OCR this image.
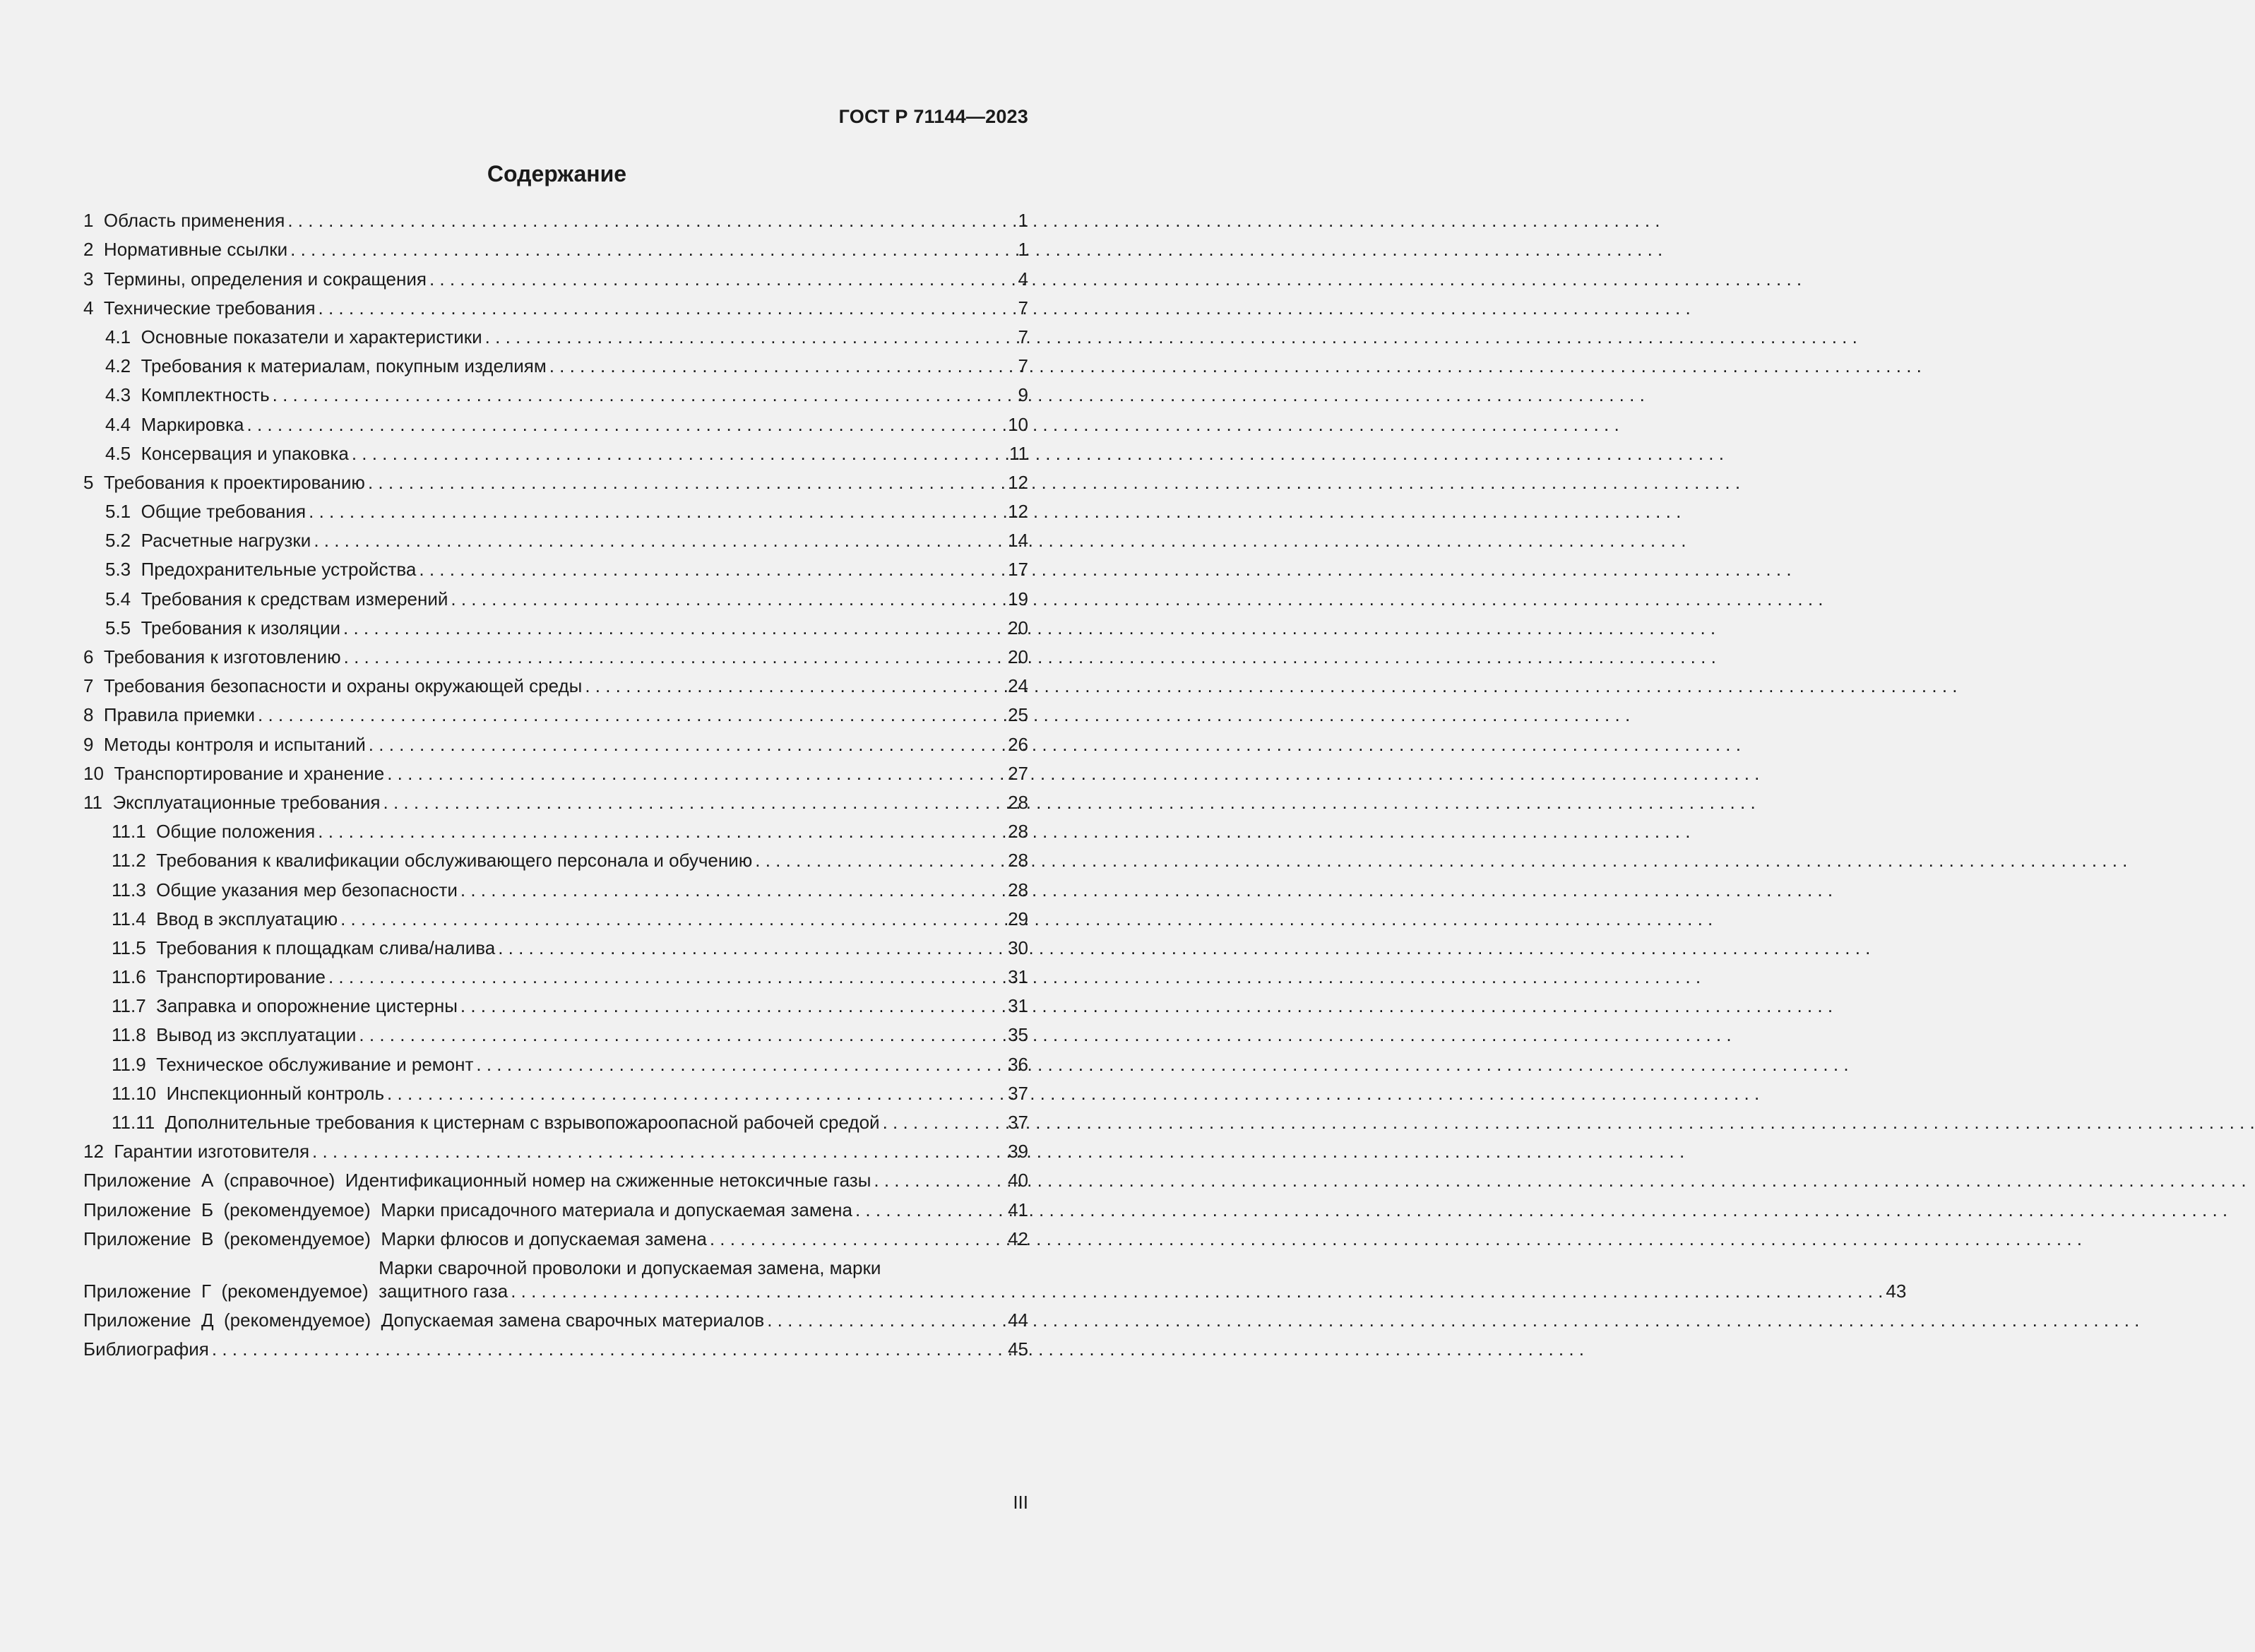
ГОСТ Р 71144—2023
Содержание
1 Область применения . . .	1
2 Нормативные ссылки . . .	1
3 Термины, определения и сокращения . . .	4
4 Технические требования . . .	7
4.1 Основные показатели и характеристики . . .	7
4.2 Требования к материалам, покупным изделиям . . .	7
4.3 Комплектность . . .	9
4.4 Маркировка . . .	10
4.5 Консервация и упаковка . . .	11
5 Требования к проектированию . . .	12
5.1 Общие требования . . .	12
5.2 Расчетные нагрузки . . .	14
5.3 Предохранительные устройства . . .	17
5.4 Требования к средствам измерений . . .	19
5.5 Требования к изоляции . . .	20
6 Требования к изготовлению . . .	20
7 Требования безопасности и охраны окружающей среды . . .	24
8 Правила приемки . . .	25
9 Методы контроля и испытаний . . .	26
10 Транспортирование и хранение . . .	27
11 Эксплуатационные требования . . .	28
11.1 Общие положения . . .	28
11.2 Требования к квалификации обслуживающего персонала и обучению . . .	28
11.3 Общие указания мер безопасности . . .	28
11.4 Ввод в эксплуатацию . . .	29
11.5 Требования к площадкам слива/налива . . .	30
11.6 Транспортирование . . .	31
11.7 Заправка и опорожнение цистерны . . .	31
11.8 Вывод из эксплуатации . . .	35
11.9 Техническое обслуживание и ремонт . . .	36
11.10 Инспекционный контроль . . .	37
11.11 Дополнительные требования к цистернам с взрывопожароопасной рабочей средой . . .	37
12 Гарантии изготовителя . . .	39
Приложение  А  (справочное) Идентификационный номер на сжиженные нетоксичные газы . . .	40
Приложение  Б  (рекомендуемое) Марки присадочного материала и допускаемая замена . . .	41
Приложение  В  (рекомендуемое) Марки флюсов и допускаемая замена . . .	42
Приложение  Г  (рекомендуемое)
Марки сварочной проволоки и допускаемая замена, марки
защитного газа . . .	43
Приложение  Д  (рекомендуемое) Допускаемая замена сварочных материалов . . .	44
Библиография . . .	45
III
